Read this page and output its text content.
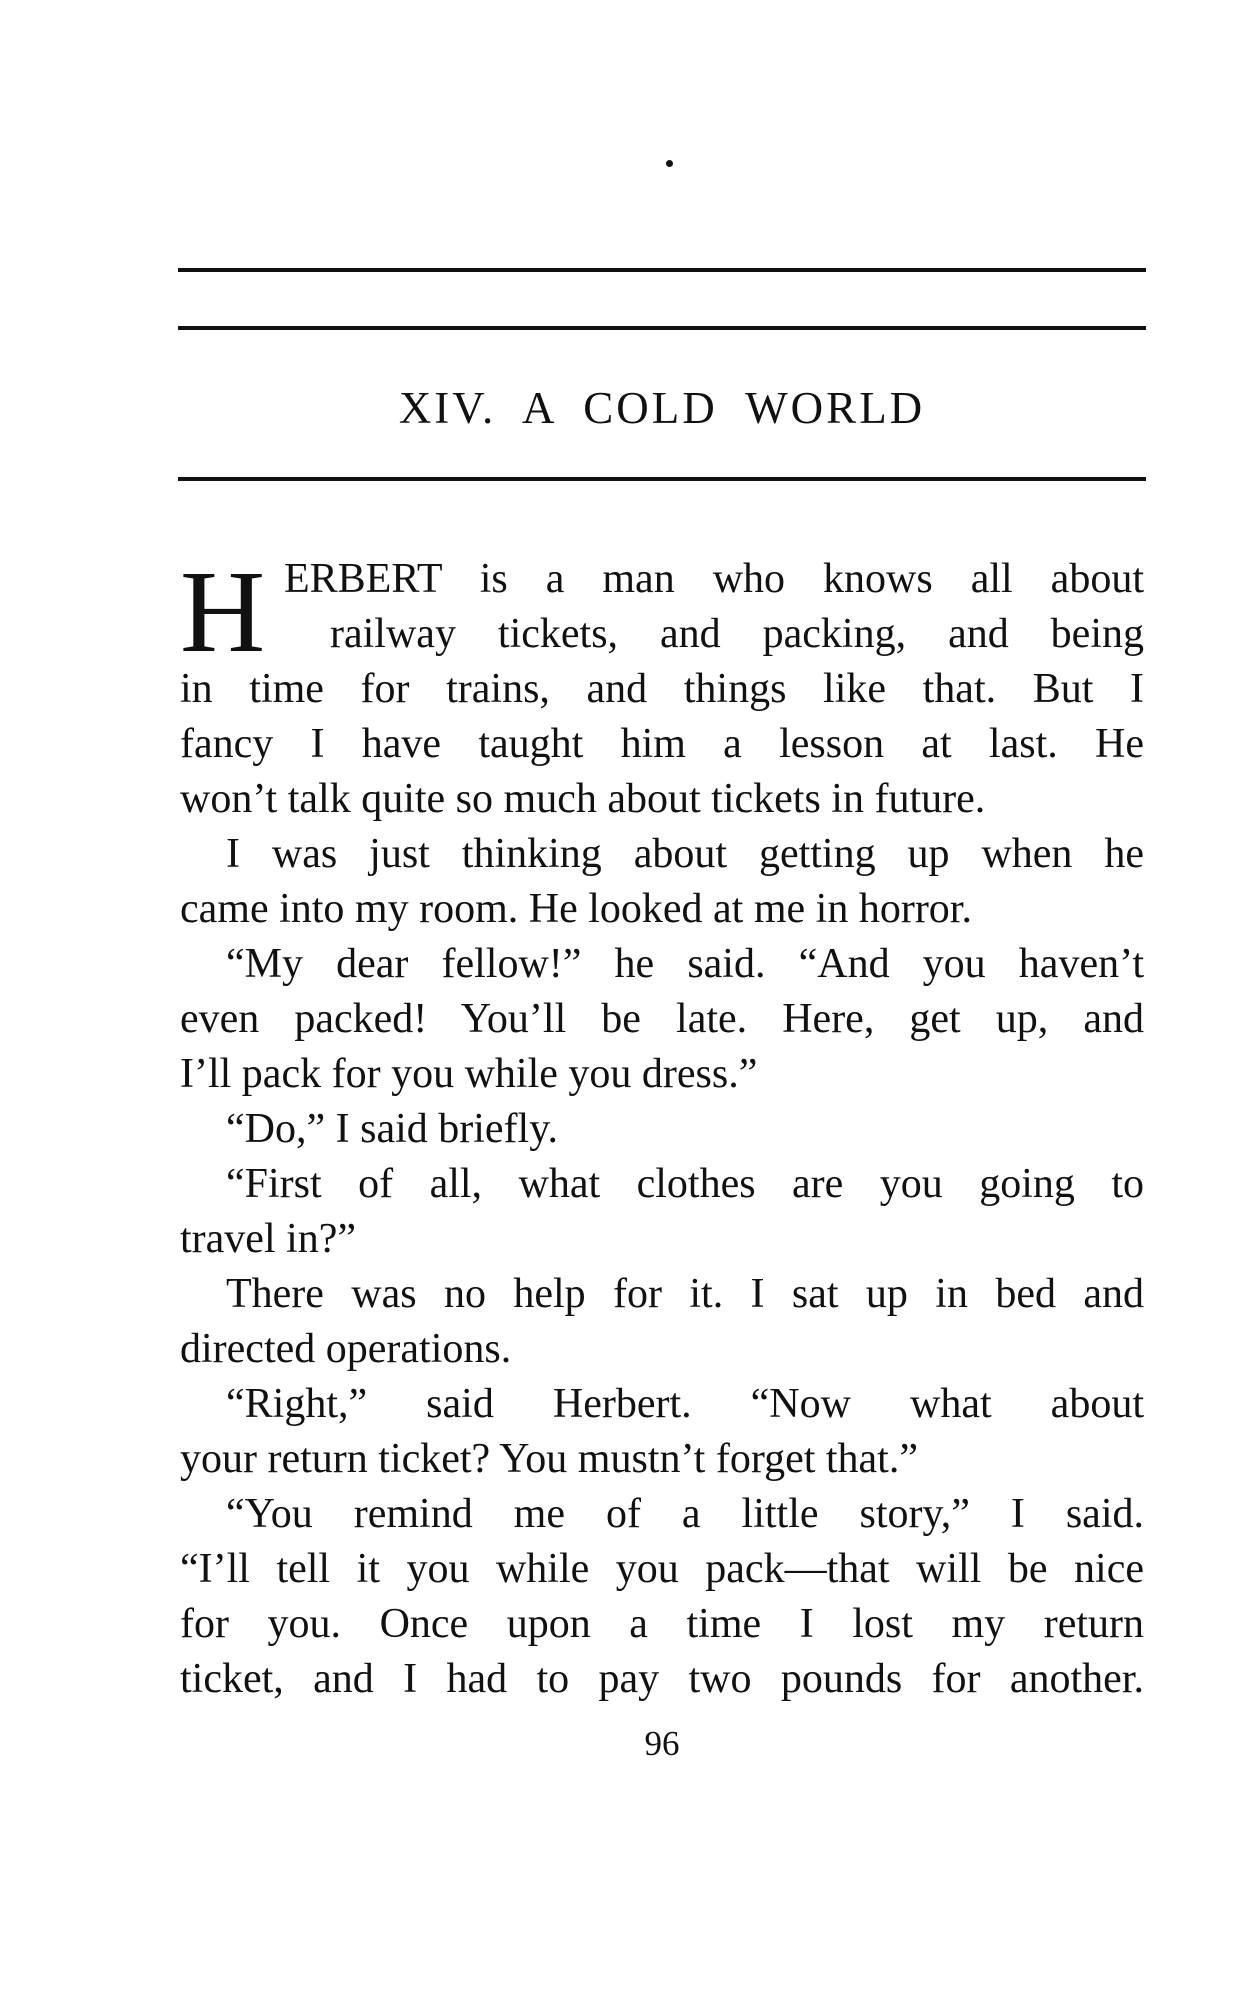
XIV. A COLD WORLD
H ERBERT is a man who knows all about
railway tickets, and packing, and being
in time for trains, and things like that. But I
fancy I have taught him a lesson at last. He
won’t talk quite so much about tickets in future.
I was just thinking about getting up when he
came into my room. He looked at me in horror.
“My dear fellow!” he said. “And you haven’t
even packed! You’ll be late. Here, get up, and
I’ll pack for you while you dress.”
“Do,” I said briefly.
“First of all, what clothes are you going to
travel in?”
There was no help for it. I sat up in bed and
directed operations.
“Right,” said Herbert. “Now what about
your return ticket? You mustn’t forget that.”
“You remind me of a little story,” I said.
“I’ll tell it you while you pack—that will be nice
for you. Once upon a time I lost my return
ticket, and I had to pay two pounds for another.
96
